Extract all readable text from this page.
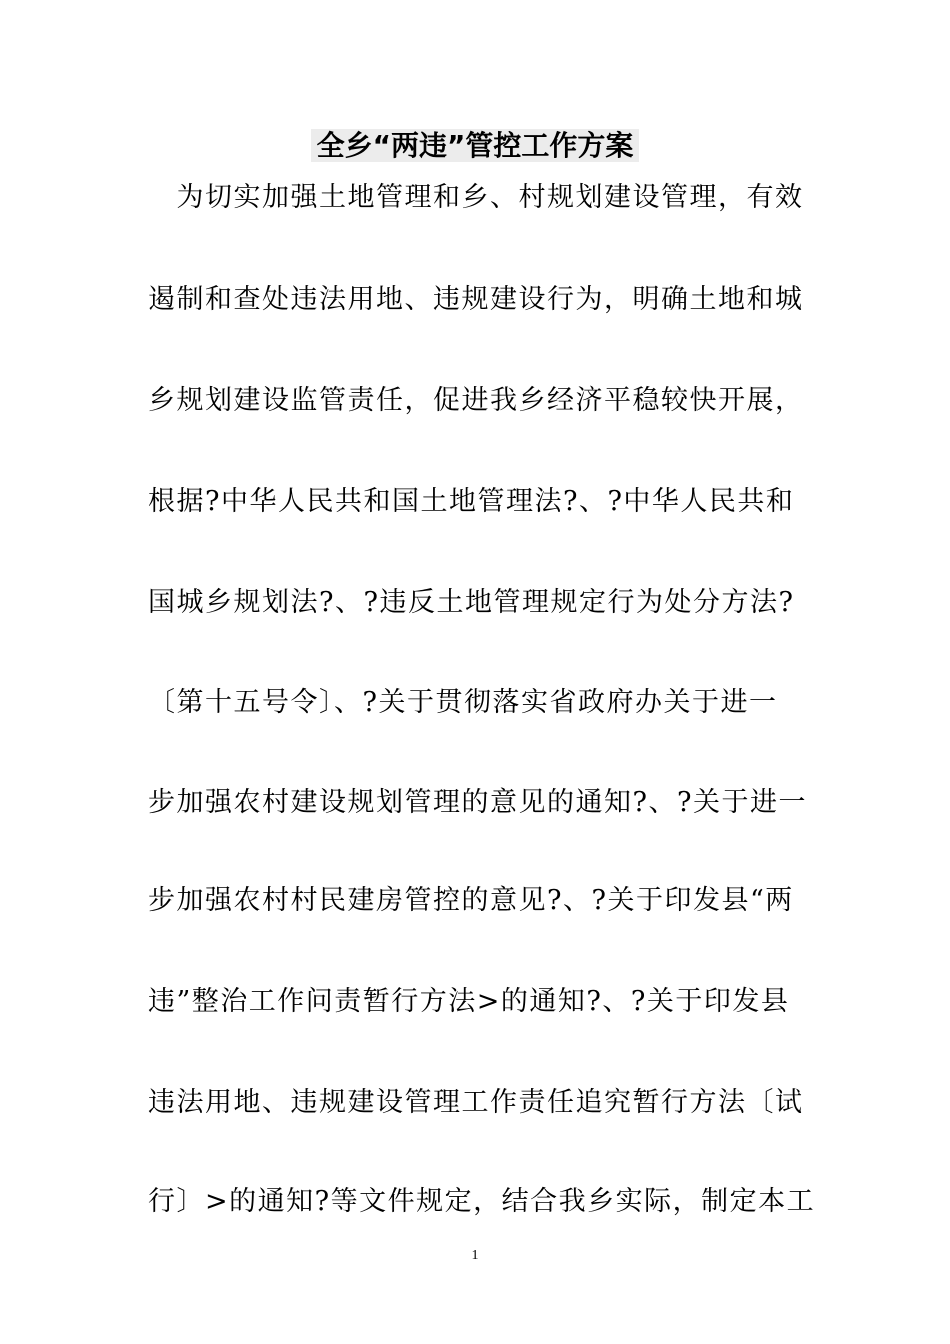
全乡“两违”管控工作方案
　为切实加强土地管理和乡、村规划建设管理，有效
遏制和查处违法用地、违规建设行为，明确土地和城
乡规划建设监管责任，促进我乡经济平稳较快开展，
根据?中华人民共和国土地管理法?、?中华人民共和
国城乡规划法?、?违反土地管理规定行为处分方法?
〔第十五号令〕、?关于贯彻落实省政府办关于进一
步加强农村建设规划管理的意见的通知?、?关于进一
步加强农村村民建房管控的意见?、?关于印发县“两
违”整治工作问责暂行方法>的通知?、?关于印发县
违法用地、违规建设管理工作责任追究暂行方法〔试
行〕>的通知?等文件规定，结合我乡实际，制定本工
1
